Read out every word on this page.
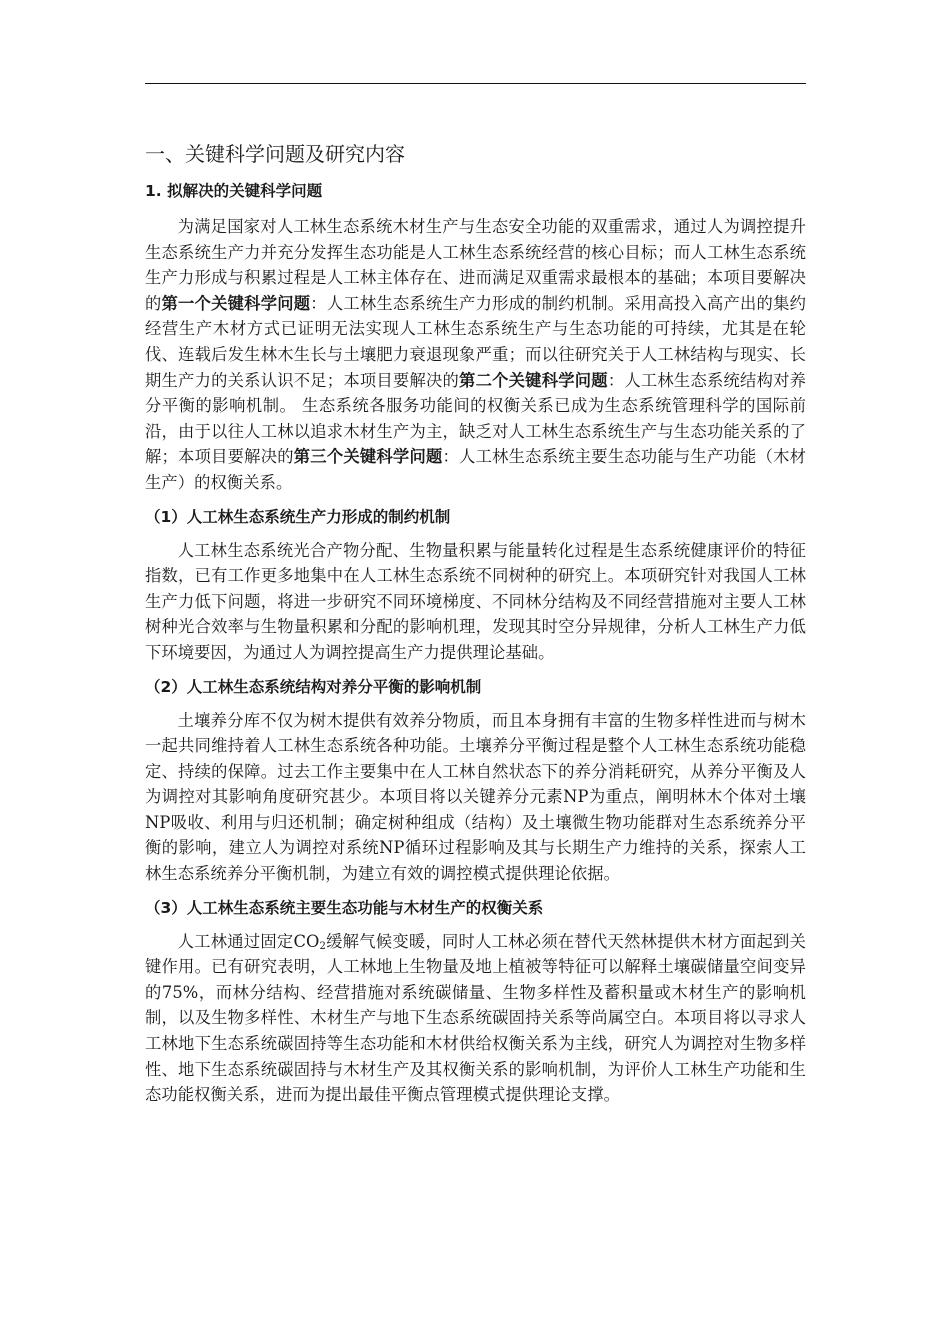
一、关键科学问题及研究内容
1. 拟解决的关键科学问题

为满足国家对人工林生态系统木材生产与生态安全功能的双重需求，通过人为调控提升生态系统生产力并充分发挥生态功能是人工林生态系统经营的核心目标；而人工林生态系统生产力形成与积累过程是人工林主体存在、进而满足双重需求最根本的基础；本项目要解决的第一个关键科学问题：人工林生态系统生产力形成的制约机制。采用高投入高产出的集约经营生产木材方式已证明无法实现人工林生态系统生产与生态功能的可持续，尤其是在轮伐、连载后发生林木生长与土壤肥力衰退现象严重；而以往研究关于人工林结构与现实、长期生产力的关系认识不足；本项目要解决的第二个关键科学问题：人工林生态系统结构对养分平衡的影响机制。 生态系统各服务功能间的权衡关系已成为生态系统管理科学的国际前沿，由于以往人工林以追求木材生产为主，缺乏对人工林生态系统生产与生态功能关系的了解；本项目要解决的第三个关键科学问题：人工林生态系统主要生态功能与生产功能（木材生产）的权衡关系。

（1）人工林生态系统生产力形成的制约机制

人工林生态系统光合产物分配、生物量积累与能量转化过程是生态系统健康评价的特征指数，已有工作更多地集中在人工林生态系统不同树种的研究上。本项研究针对我国人工林生产力低下问题，将进一步研究不同环境梯度、不同林分结构及不同经营措施对主要人工林树种光合效率与生物量积累和分配的影响机理，发现其时空分异规律，分析人工林生产力低下环境要因，为通过人为调控提高生产力提供理论基础。

（2）人工林生态系统结构对养分平衡的影响机制

土壤养分库不仅为树木提供有效养分物质，而且本身拥有丰富的生物多样性进而与树木一起共同维持着人工林生态系统各种功能。土壤养分平衡过程是整个人工林生态系统功能稳定、持续的保障。过去工作主要集中在人工林自然状态下的养分消耗研究，从养分平衡及人为调控对其影响角度研究甚少。本项目将以关键养分元素NP为重点，阐明林木个体对土壤NP吸收、利用与归还机制；确定树种组成（结构）及土壤微生物功能群对生态系统养分平衡的影响，建立人为调控对系统NP循环过程影响及其与长期生产力维持的关系，探索人工林生态系统养分平衡机制，为建立有效的调控模式提供理论依据。

（3）人工林生态系统主要生态功能与木材生产的权衡关系

人工林通过固定$CO_2$缓解气候变暖，同时人工林必须在替代天然林提供木材方面起到关键作用。已有研究表明，人工林地上生物量及地上植被等特征可以解释土壤碳储量空间变异的75%，而林分结构、经营措施对系统碳储量、生物多样性及蓄积量或木材生产的影响机制，以及生物多样性、木材生产与地下生态系统碳固持关系等尚属空白。本项目将以寻求人工林地下生态系统碳固持等生态功能和木材供给权衡关系为主线，研究人为调控对生物多样性、地下生态系统碳固持与木材生产及其权衡关系的影响机制，为评价人工林生产功能和生态功能权衡关系，进而为提出最佳平衡点管理模式提供理论支撑。
